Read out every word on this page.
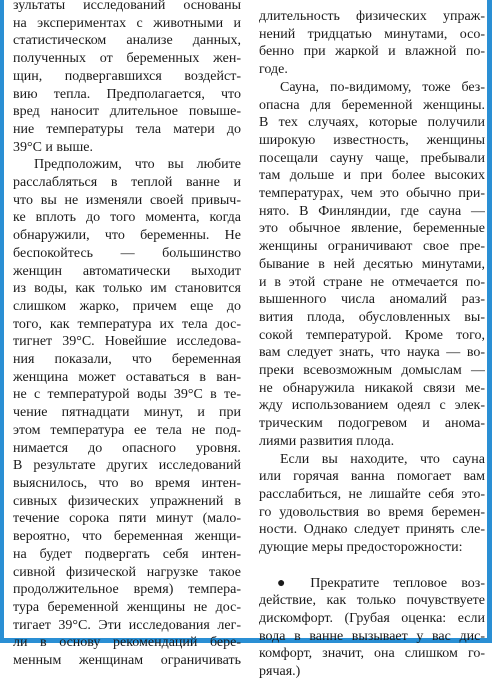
зультаты исследований основаны
на экспериментах с животными и
статистическом анализе данных,
полученных от беременных жен-
щин, подвергавшихся воздейст-
вию тепла. Предполагается, что
вред наносит длительное повыше-
ние температуры тела матери до
39°С и выше.
Предположим, что вы любите
расслабляться в теплой ванне и
что вы не изменяли своей привыч-
ке вплоть до того момента, когда
обнаружили, что беременны. Не
беспокойтесь — большинство
женщин автоматически выходит
из воды, как только им становится
слишком жарко, причем еще до
того, как температура их тела дос-
тигнет 39°С. Новейшие исследова-
ния показали, что беременная
женщина может оставаться в ван-
не с температурой воды 39°С в те-
чение пятнадцати минут, и при
этом температура ее тела не под-
нимается до опасного уровня.
В результате других исследований
выяснилось, что во время интен-
сивных физических упражнений в
течение сорока пяти минут (мало-
вероятно, что беременная женщи-
на будет подвергать себя интен-
сивной физической нагрузке такое
продолжительное время) темпера-
тура беременной женщины не дос-
тигает 39°С. Эти исследования лег-
ли в основу рекомендаций бере-
менным женщинам ограничивать
длительность физических упраж-
нений тридцатью минутами, осо-
бенно при жаркой и влажной по-
годе.
Сауна, по-видимому, тоже без-
опасна для беременной женщины.
В тех случаях, которые получили
широкую известность, женщины
посещали сауну чаще, пребывали
там дольше и при более высоких
температурах, чем это обычно при-
нято. В Финляндии, где сауна —
это обычное явление, беременные
женщины ограничивают свое пре-
бывание в ней десятью минутами,
и в этой стране не отмечается по-
вышенного числа аномалий раз-
вития плода, обусловленных вы-
сокой температурой. Кроме того,
вам следует знать, что наука — во-
преки всевозможным домыслам —
не обнаружила никакой связи ме-
жду использованием одеял с элек-
трическим подогревом и анома-
лиями развития плода.
Если вы находите, что сауна
или горячая ванна помогает вам
расслабиться, не лишайте себя это-
го удовольствия во время беремен-
ности. Однако следует принять сле-
дующие меры предосторожности:

● Прекратите тепловое воз-
действие, как только почувствуете
дискомфорт. (Грубая оценка: если
вода в ванне вызывает у вас дис-
комфорт, значит, она слишком го-
рячая.)
